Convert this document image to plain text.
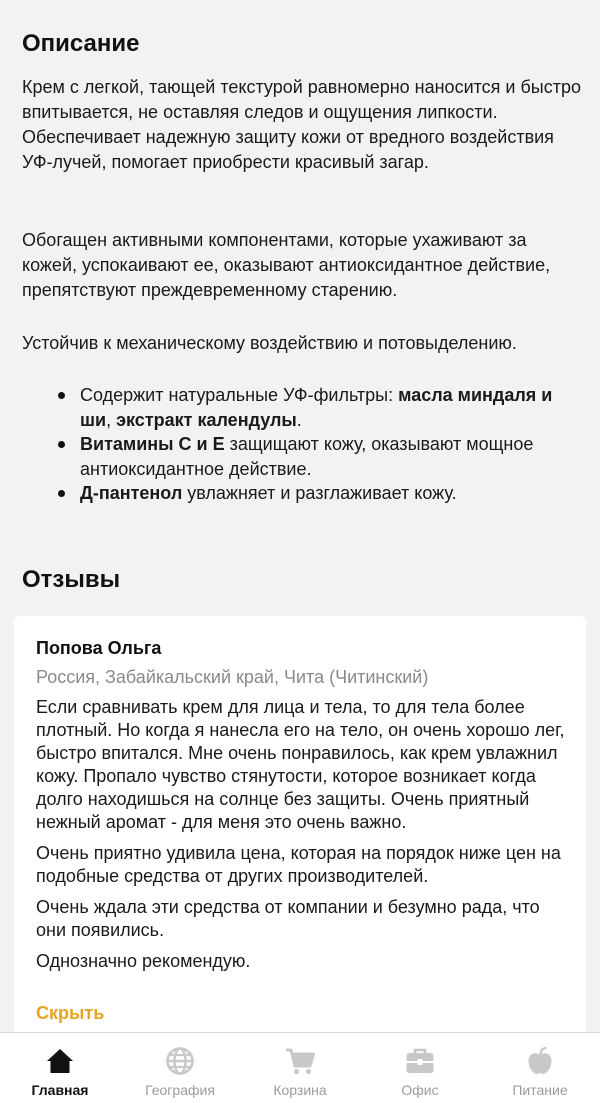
Описание

Крем с легкой, тающей текстурой равномерно наносится и быстро впитывается, не оставляя следов и ощущения липкости. Обеспечивает надежную защиту кожи от вредного воздействия УФ-лучей, помогает приобрести красивый загар.

Обогащен активными компонентами, которые ухаживают за кожей, успокаивают ее, оказывают антиоксидантное действие, препятствуют преждевременному старению.

Устойчив к механическому воздействию и потовыделению.

Содержит натуральные УФ-фильтры: масла миндаля и ши, экстракт календулы.
Витамины С и Е защищают кожу, оказывают мощное антиоксидантное действие.
Д-пантенол увлажняет и разглаживает кожу.
Отзывы
Попова Ольга
Россия, Забайкальский край, Чита (Читинский)

Если сравнивать крем для лица и тела, то для тела более плотный. Но когда я нанесла его на тело, он очень хорошо лег, быстро впитался. Мне очень понравилось, как крем увлажнил кожу. Пропало чувство стянутости, которое возникает когда долго находишься на солнце без защиты. Очень приятный нежный аромат - для меня это очень важно.

Очень приятно удивила цена, которая на порядок ниже цен на подобные средства от других производителей.

Очень ждала эти средства от компании и безумно рада, что они появились.

Однозначно рекомендую.

Скрыть
Главная	География	Корзина	Офис	Питание
